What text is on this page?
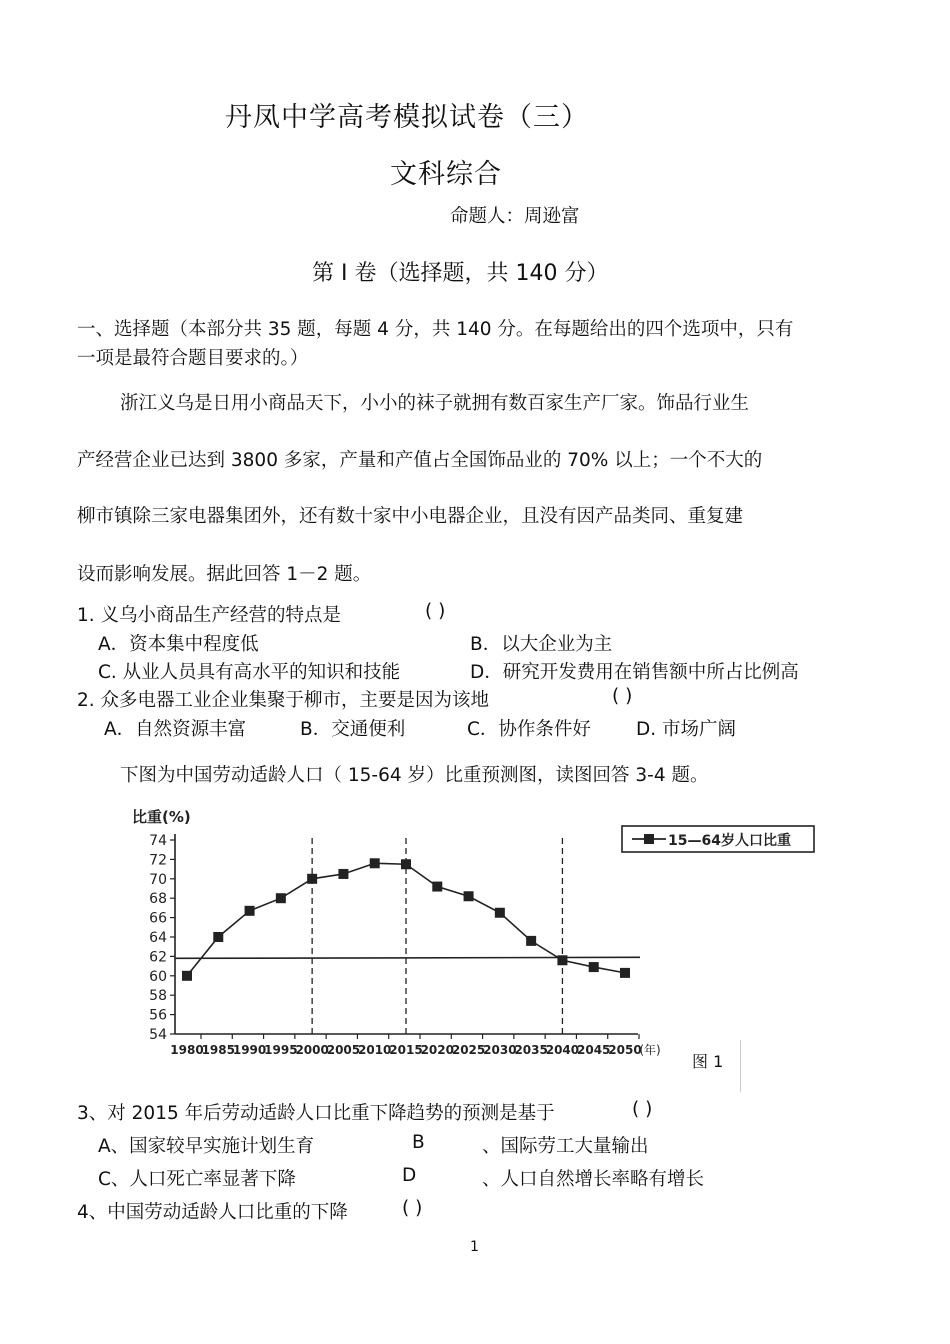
丹凤中学高考模拟试卷（三）
文科综合
命题人：周逊富
第 I 卷（选择题，共 140 分）
一、选择题（本部分共 35 题，每题 4 分，共 140 分。在每题给出的四个选项中，只有
一项是最符合题目要求的。）
浙江义乌是日用小商品天下，小小的袜子就拥有数百家生产厂家。饰品行业生
产经营企业已达到 3800 多家，产量和产值占全国饰品业的 70% 以上；一个不大的
柳市镇除三家电器集团外，还有数十家中小电器企业，且没有因产品类同、重复建
设而影响发展。据此回答 1－2 题。
1. 义乌小商品生产经营的特点是	( )
A．资本集中程度低	B．以大企业为主
C. 从业人员具有高水平的知识和技能	D．研究开发费用在销售额中所占比例高
2. 众多电器工业企业集聚于柳市，主要是因为该地	( )
A．自然资源丰富	B．交通便利	C．协作条件好 D. 市场广阔
下图为中国劳动适龄人口（ 15-64 岁）比重预测图，读图回答 3-4 题。
比重(%)
54
56
58
60
62
64
66
68
70
72
74
1980
1985
1990
1995
2000
2005
2010
2015
2020
2025
2030
2035
2040
2045
2050
(年)
15—64岁人口比重
图 1
3、对 2015 年后劳动适龄人口比重下降趋势的预测是基于	( )
A、国家较早实施计划生育	B	、国际劳工大量输出
C、人口死亡率显著下降	D	、人口自然增长率略有增长
4、中国劳动适龄人口比重的下降	( )
1
